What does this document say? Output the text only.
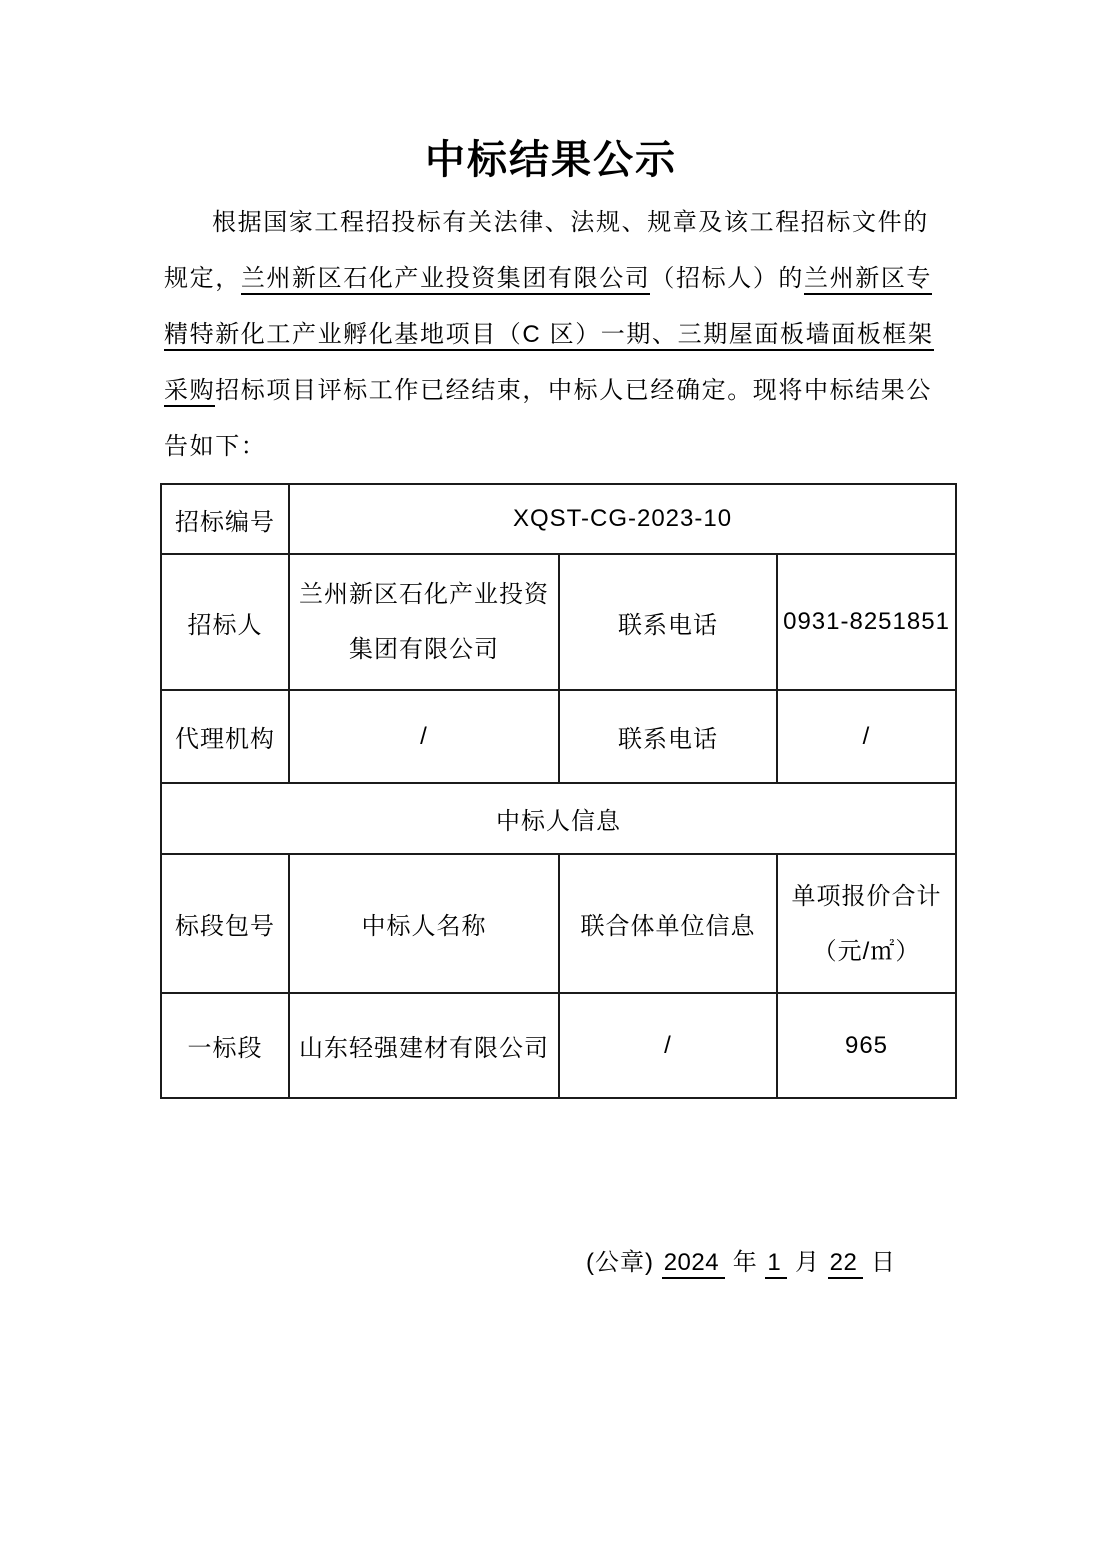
中标结果公示
根据国家工程招投标有关法律、法规、规章及该工程招标文件的
规定，兰州新区石化产业投资集团有限公司（招标人）的兰州新区专
精特新化工产业孵化基地项目（C 区）一期、三期屋面板墙面板框架
采购招标项目评标工作已经结束，中标人已经确定。现将中标结果公
告如下：
招标编号	XQST-CG-2023-10		
招标人	兰州新区石化产业投资
集团有限公司	联系电话	0931-8251851
代理机构	/	联系电话	/
中标人信息			
标段包号	中标人名称	联合体单位信息	单项报价合计
（元/㎡）

一标段	山东轻强建材有限公司	/	965
(公章) 2024 年 1 月 22 日
